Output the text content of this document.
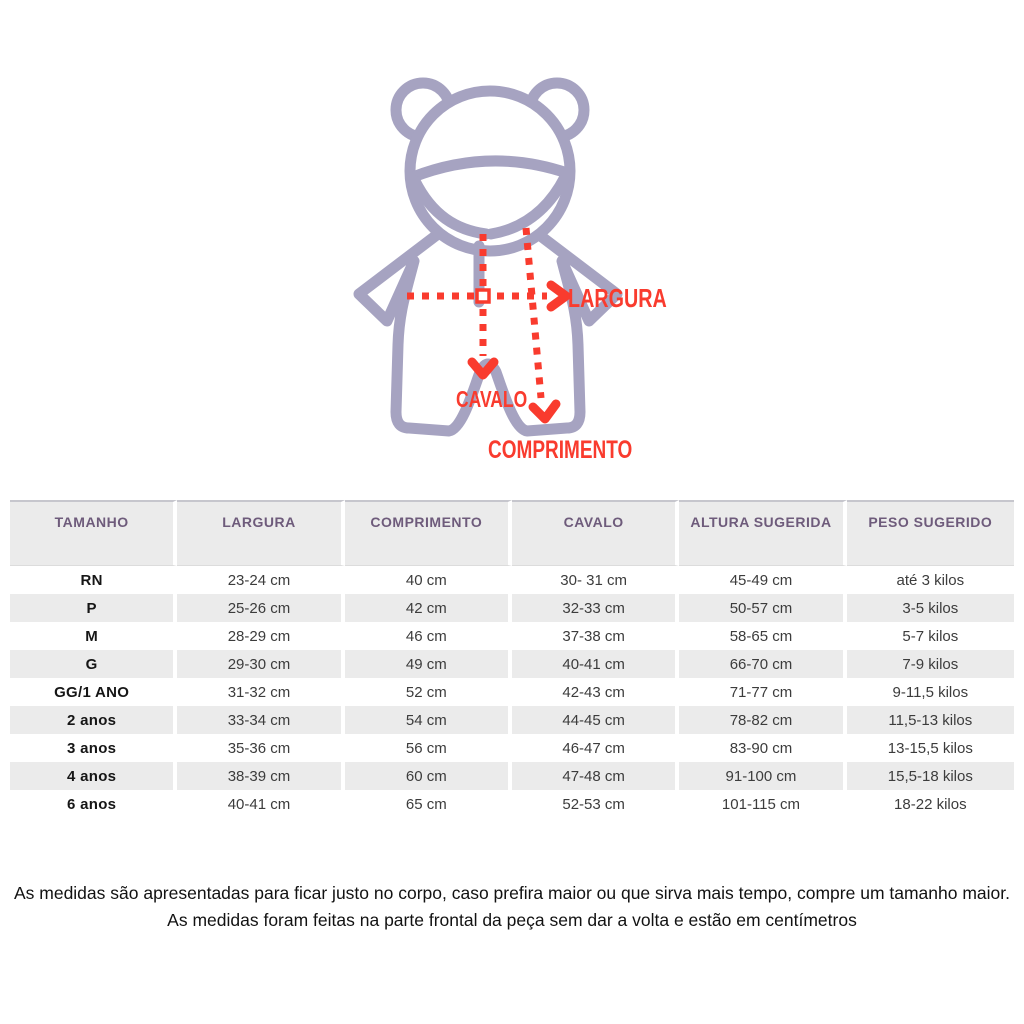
LARGURA
CAVALO
COMPRIMENTO
TAMANHO	LARGURA	COMPRIMENTO	CAVALO	ALTURA SUGERIDA	PESO SUGERIDO
RN	23-24 cm	40 cm	30- 31 cm	45-49 cm	até 3 kilos
P	25-26 cm	42 cm	32-33 cm	50-57 cm	3-5 kilos
M	28-29 cm	46 cm	37-38 cm	58-65 cm	5-7 kilos
G	29-30 cm	49 cm	40-41 cm	66-70 cm	7-9 kilos
GG/1 ANO	31-32 cm	52 cm	42-43 cm	71-77 cm	9-11,5 kilos
2 anos	33-34 cm	54 cm	44-45 cm	78-82 cm	11,5-13 kilos
3 anos	35-36 cm	56 cm	46-47 cm	83-90 cm	13-15,5 kilos
4 anos	38-39 cm	60 cm	47-48 cm	91-100 cm	15,5-18 kilos
6 anos	40-41 cm	65 cm	52-53 cm	101-115 cm	18-22 kilos
As medidas são apresentadas para ficar justo no corpo, caso prefira maior ou que sirva mais tempo, compre um tamanho maior.
As medidas foram feitas na parte frontal da peça sem dar a volta e estão em centímetros
